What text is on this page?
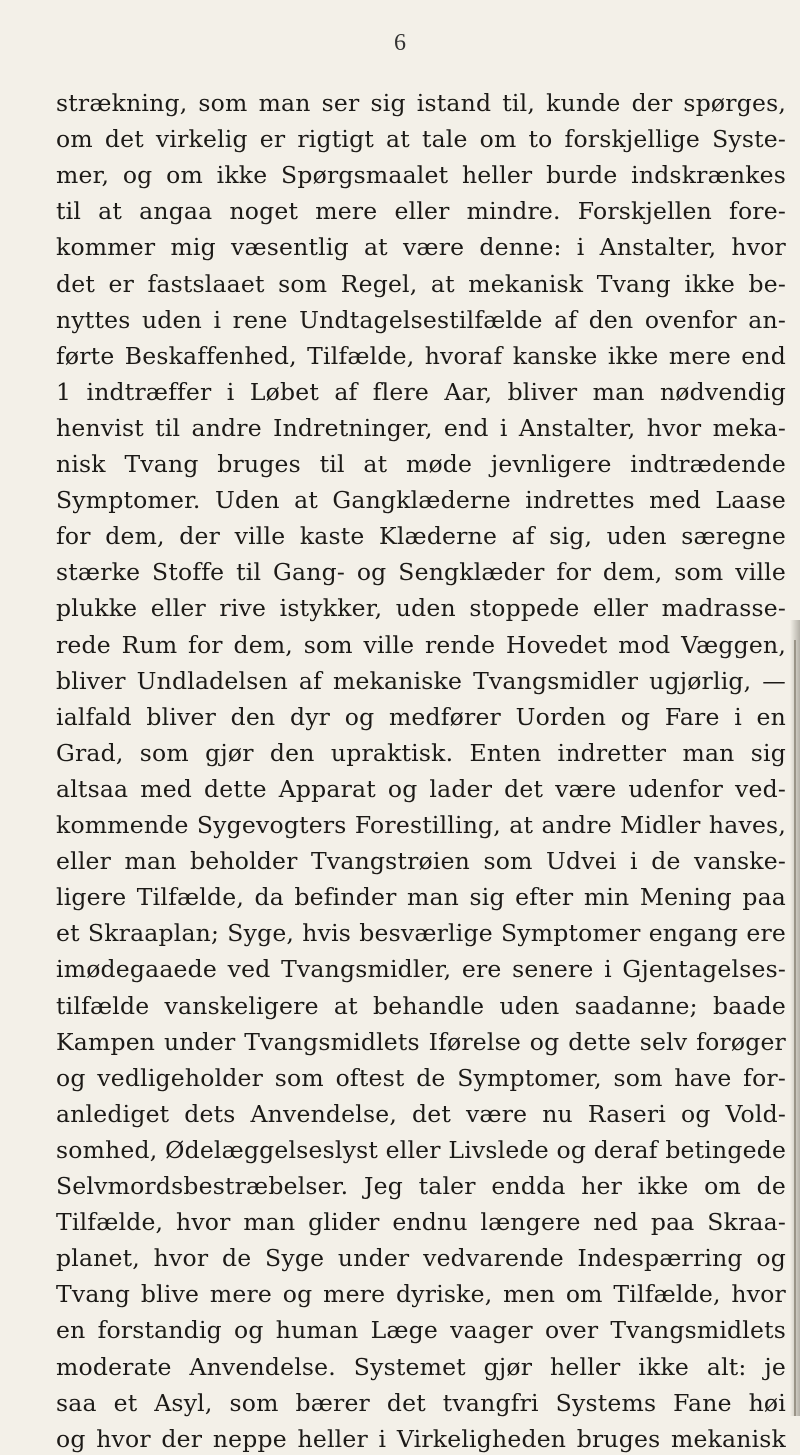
6
strækning, som man ser sig istand til, kunde der spørges,
om det virkelig er rigtigt at tale om to forskjellige Syste-
mer, og om ikke Spørgsmaalet heller burde indskrænkes
til at angaa noget mere eller mindre. Forskjellen fore-
kommer mig væsentlig at være denne: i Anstalter, hvor
det er fastslaaet som Regel, at mekanisk Tvang ikke be-
nyttes uden i rene Undtagelsestilfælde af den ovenfor an-
førte Beskaffenhed, Tilfælde, hvoraf kanske ikke mere end
1 indtræffer i Løbet af flere Aar, bliver man nødvendig
henvist til andre Indretninger, end i Anstalter, hvor meka-
nisk Tvang bruges til at møde jevnligere indtrædende
Symptomer. Uden at Gangklæderne indrettes med Laase
for dem, der ville kaste Klæderne af sig, uden særegne
stærke Stoffe til Gang- og Sengklæder for dem, som ville
plukke eller rive istykker, uden stoppede eller madrasse-
rede Rum for dem, som ville rende Hovedet mod Væggen,
bliver Undladelsen af mekaniske Tvangsmidler ugjørlig, —
ialfald bliver den dyr og medfører Uorden og Fare i en
Grad, som gjør den upraktisk. Enten indretter man sig
altsaa med dette Apparat og lader det være udenfor ved-
kommende Sygevogters Forestilling, at andre Midler haves,
eller man beholder Tvangstrøien som Udvei i de vanske-
ligere Tilfælde, da befinder man sig efter min Mening paa
et Skraaplan; Syge, hvis besværlige Symptomer engang ere
imødegaaede ved Tvangsmidler, ere senere i Gjentagelses-
tilfælde vanskeligere at behandle uden saadanne; baade
Kampen under Tvangsmidlets Iførelse og dette selv forøger
og vedligeholder som oftest de Symptomer, som have for-
anlediget dets Anvendelse, det være nu Raseri og Vold-
somhed, Ødelæggelseslyst eller Livslede og deraf betingede
Selvmordsbestræbelser. Jeg taler endda her ikke om de
Tilfælde, hvor man glider endnu længere ned paa Skraa-
planet, hvor de Syge under vedvarende Indespærring og
Tvang blive mere og mere dyriske, men om Tilfælde, hvor
en forstandig og human Læge vaager over Tvangsmidlets
moderate Anvendelse. Systemet gjør heller ikke alt: je
saa et Asyl, som bærer det tvangfri Systems Fane høi
og hvor der neppe heller i Virkeligheden bruges mekanisk
